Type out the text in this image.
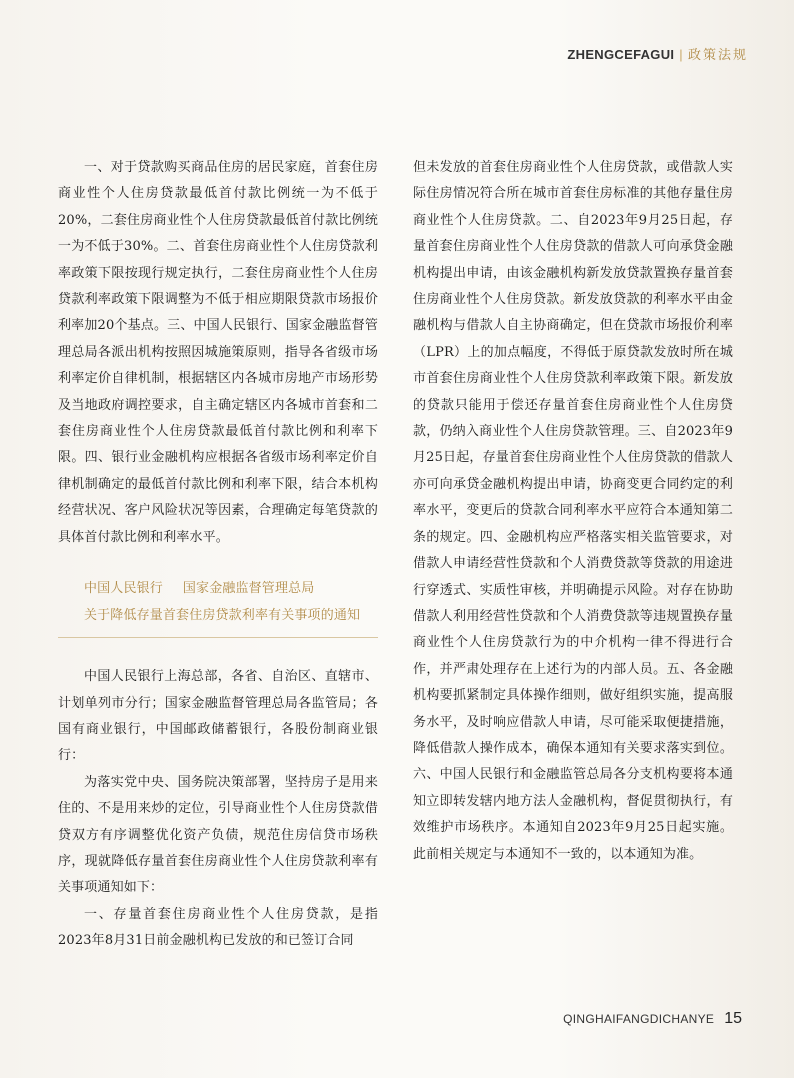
ZHENGCEFAGUI | 政策法规

一、对于贷款购买商品住房的居民家庭，首套住房商业性个人住房贷款最低首付款比例统一为不低于20%，二套住房商业性个人住房贷款最低首付款比例统一为不低于30%。二、首套住房商业性个人住房贷款利率政策下限按现行规定执行，二套住房商业性个人住房贷款利率政策下限调整为不低于相应期限贷款市场报价利率加20个基点。三、中国人民银行、国家金融监督管理总局各派出机构按照因城施策原则，指导各省级市场利率定价自律机制，根据辖区内各城市房地产市场形势及当地政府调控要求，自主确定辖区内各城市首套和二套住房商业性个人住房贷款最低首付款比例和利率下限。四、银行业金融机构应根据各省级市场利率定价自律机制确定的最低首付款比例和利率下限，结合本机构经营状况、客户风险状况等因素，合理确定每笔贷款的具体首付款比例和利率水平。

中国人民银行 国家金融监督管理总局
关于降低存量首套住房贷款利率有关事项的通知

中国人民银行上海总部，各省、自治区、直辖市、计划单列市分行；国家金融监督管理总局各监管局；各国有商业银行，中国邮政储蓄银行，各股份制商业银行：

为落实党中央、国务院决策部署，坚持房子是用来住的、不是用来炒的定位，引导商业性个人住房贷款借贷双方有序调整优化资产负债，规范住房信贷市场秩序，现就降低存量首套住房商业性个人住房贷款利率有关事项通知如下：

一、存量首套住房商业性个人住房贷款，是指2023年8月31日前金融机构已发放的和已签订合同

但未发放的首套住房商业性个人住房贷款，或借款人实际住房情况符合所在城市首套住房标准的其他存量住房商业性个人住房贷款。二、自2023年9月25日起，存量首套住房商业性个人住房贷款的借款人可向承贷金融机构提出申请，由该金融机构新发放贷款置换存量首套住房商业性个人住房贷款。新发放贷款的利率水平由金融机构与借款人自主协商确定，但在贷款市场报价利率（LPR）上的加点幅度，不得低于原贷款发放时所在城市首套住房商业性个人住房贷款利率政策下限。新发放的贷款只能用于偿还存量首套住房商业性个人住房贷款，仍纳入商业性个人住房贷款管理。三、自2023年9月25日起，存量首套住房商业性个人住房贷款的借款人亦可向承贷金融机构提出申请，协商变更合同约定的利率水平，变更后的贷款合同利率水平应符合本通知第二条的规定。四、金融机构应严格落实相关监管要求，对借款人申请经营性贷款和个人消费贷款等贷款的用途进行穿透式、实质性审核，并明确提示风险。对存在协助借款人利用经营性贷款和个人消费贷款等违规置换存量商业性个人住房贷款行为的中介机构一律不得进行合作，并严肃处理存在上述行为的内部人员。五、各金融机构要抓紧制定具体操作细则，做好组织实施，提高服务水平，及时响应借款人申请，尽可能采取便捷措施，降低借款人操作成本，确保本通知有关要求落实到位。六、中国人民银行和金融监管总局各分支机构要将本通知立即转发辖内地方法人金融机构，督促贯彻执行，有效维护市场秩序。本通知自2023年9月25日起实施。此前相关规定与本通知不一致的，以本通知为准。

QINGHAIFANGDICHANYE 15
